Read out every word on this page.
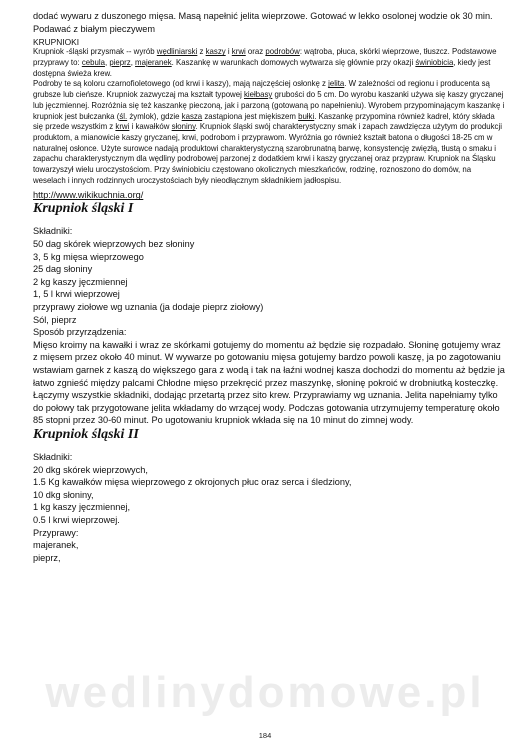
dodać wywaru z duszonego mięsa. Masą napełnić jelita wieprzowe. Gotować w lekko osolonej wodzie ok 30 min. Podawać z białym pieczywem

KRUPNIOKI

Krupniok -śląski przysmak -- wyrób wędliniarski z kaszy i krwi oraz podrobów: wątroba, płuca, skórki wieprzowe, tłuszcz. Podstawowe przyprawy to: cebula, pieprz, majeranek. Kaszankę w warunkach domowych wytwarza się głównie przy okazji świniobicia, kiedy jest dostępna świeża krew.

Podroby te są koloru czarnofioletowego (od krwi i kaszy), mają najczęściej osłonkę z jelita. W zależności od regionu i producenta są grubsze lub cieńsze. Krupniok zazwyczaj ma kształt typowej kiełbasy grubości do 5 cm. Do wyrobu kaszanki używa się kaszy gryczanej lub jęczmiennej. Rozróżnia się też kaszankę pieczoną, jak i parzoną (gotowaną po napełnieniu). Wyrobem przypominającym kaszankę i krupniok jest bułczanka (śl. żymlok), gdzie kasza zastąpiona jest miękiszem bułki. Kaszankę przypomina również kadrel, który składa się przede wszystkim z krwi i kawałków słoniny. Krupniok śląski swój charakterystyczny smak i zapach zawdzięcza użytym do produkcji produktom, a mianowicie kaszy gryczanej, krwi, podrobom i przyprawom. Wyróżnia go również kształt batona o długości 18-25 cm w naturalnej osłonce. Użyte surowce nadają produktowi charakterystyczną szarobrunatną barwę, konsystencję zwięzłą, tłustą o smaku i zapachu charakterystycznym dla wędliny podrobowej parzonej z dodatkiem krwi i kaszy gryczanej oraz przypraw. Krupniok na Śląsku towarzyszył wielu uroczystościom. Przy świniobiciu częstowano okolicznych mieszkańców, rodzinę, roznoszono do domów, na weselach i innych rodzinnych uroczystościach były nieodłącznym składnikiem jadłospisu.

http://www.wikikuchnia.org/
Krupniok śląski I

Składniki:

50 dag skórek wieprzowych bez słoniny

3, 5 kg mięsa wieprzowego

25 dag słoniny

2 kg kaszy jęczmiennej

1, 5 l krwi wieprzowej

przyprawy ziołowe wg uznania (ja dodaje pieprz ziołowy)

Sól, pieprz

Sposób przyrządzenia:

Mięso kroimy na kawałki i wraz ze skórkami gotujemy do momentu aż będzie się rozpadało. Słoninę gotujemy wraz z mięsem przez około 40 minut. W wywarze po gotowaniu mięsa gotujemy bardzo powoli kaszę, ja po zagotowaniu wstawiam garnek z kaszą do większego gara z wodą i tak na łaźni wodnej kasza dochodzi do momentu aż będzie ja łatwo zgnieść między palcami Chłodne mięso przekręcić przez maszynkę, słoninę pokroić w drobniutką kosteczkę. Łączymy wszystkie składniki, dodając przetartą przez sito krew. Przyprawiamy wg uznania. Jelita napełniamy tylko do połowy tak przygotowane jelita wkładamy do wrzącej wody. Podczas gotowania utrzymujemy temperaturę około 85 stopni przez 30-60 minut. Po ugotowaniu krupniok wkłada się na 10 minut do zimnej wody.

Krupniok śląski II

Składniki:

20 dkg skórek wieprzowych,

1.5 Kg kawałków mięsa wieprzowego z okrojonych płuc oraz serca i śledziony,

10 dkg słoniny,

1 kg kaszy jęczmiennej,

0.5 l krwi wieprzowej.

Przyprawy:

majeranek,

pieprz,

wedlinydomowe.pl
184
